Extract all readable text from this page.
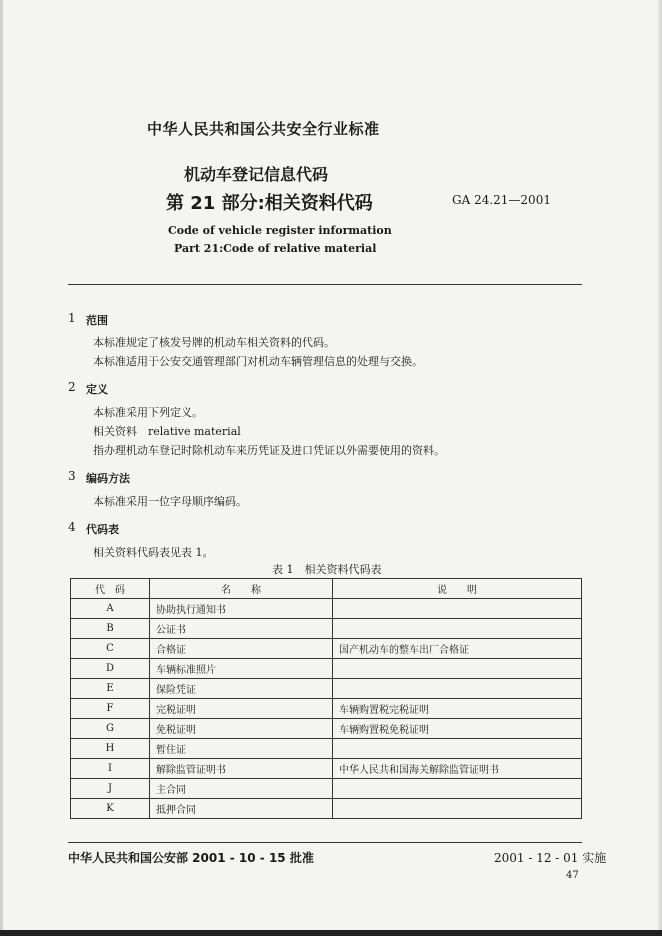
中华人民共和国公共安全行业标准
机动车登记信息代码
第 21 部分:相关资料代码	GA 24.21—2001
Code of vehicle register information
Part 21:Code of relative material
1 范围
本标准规定了核发号牌的机动车相关资料的代码。
本标准适用于公安交通管理部门对机动车辆管理信息的处理与交换。
2 定义
本标准采用下列定义。
相关资料　relative material
指办理机动车登记时除机动车来历凭证及进口凭证以外需要使用的资料。
3 编码方法
本标准采用一位字母顺序编码。
4 代码表
相关资料代码表见表 1。
表 1　相关资料代码表
代　码	名　　称	说　　明
A	协助执行通知书	
B	公证书	
C	合格证	国产机动车的整车出厂合格证
D	车辆标准照片	
E	保险凭证	
F	完税证明	车辆购置税完税证明
G	免税证明	车辆购置税免税证明
H	暂住证	
I	解除监管证明书	中华人民共和国海关解除监管证明书
J	主合同	
K	抵押合同	
中华人民共和国公安部 2001 - 10 - 15 批准	2001 - 12 - 01 实施
47
